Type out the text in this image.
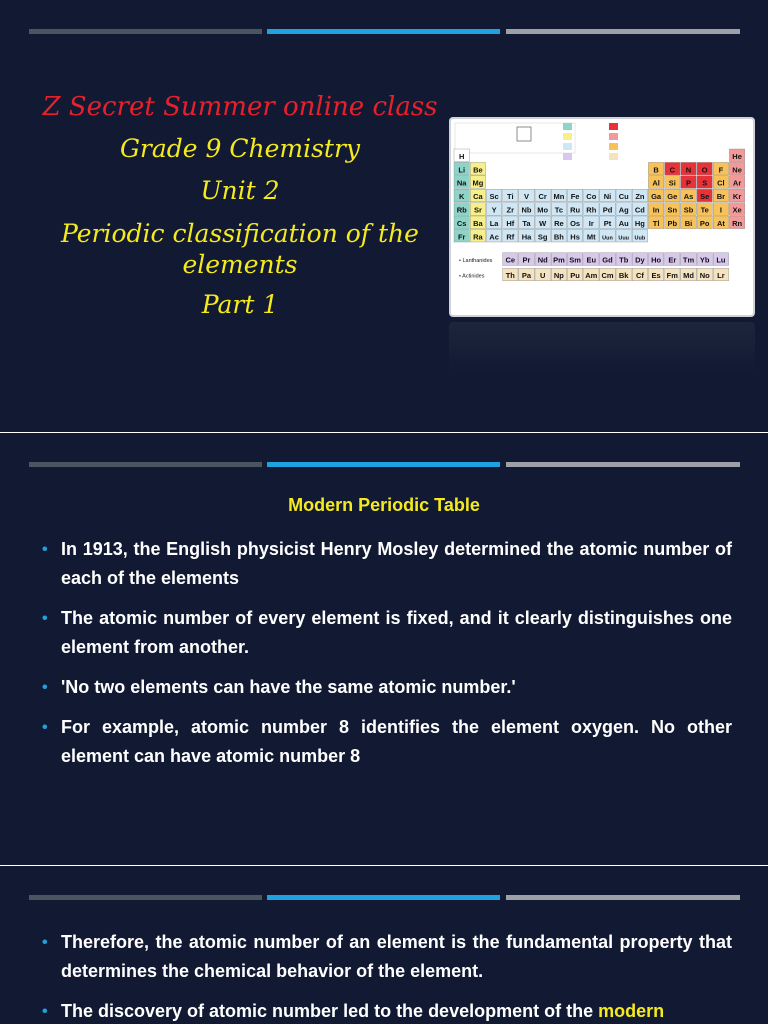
Z Secret Summer online class
Grade 9 Chemistry
Unit 2
Periodic classification of the
elements
Part 1
H	He
Li Be	B C N O F Ne
Na Mg	Al Si P S Cl Ar
K Ca Sc Ti V Cr Mn Fe Co Ni Cu Zn Ga Ge As Se Br Kr
Rb Sr Y Zr Nb Mo Tc Ru Rh Pd Ag Cd In Sn Sb Te I Xe
Cs Ba La Hf Ta W Re Os Ir Pt Au Hg Tl Pb Bi Po At Rn
Fr Ra Ac Rf Ha Sg Bh Hs Mt Uun Uuu Uub
• Lanthanides Ce Pr Nd Pm Sm Eu Gd Tb Dy Ho Er Tm Yb Lu
• Actinides	Th Pa U Np Pu Am Cm Bk Cf Es Fm Md No Lr
Modern Periodic Table
• In 1913, the English physicist Henry Mosley determined the atomic number of each of the elements
• The atomic number of every element is fixed, and it clearly distinguishes one element from another.
• 'No two elements can have the same atomic number.'
• For example, atomic number 8 identifies the element oxygen. No other element can have atomic number 8
• Therefore, the atomic number of an element is the fundamental property that determines the chemical behavior of the element.
• The discovery of atomic number led to the development of the modern
